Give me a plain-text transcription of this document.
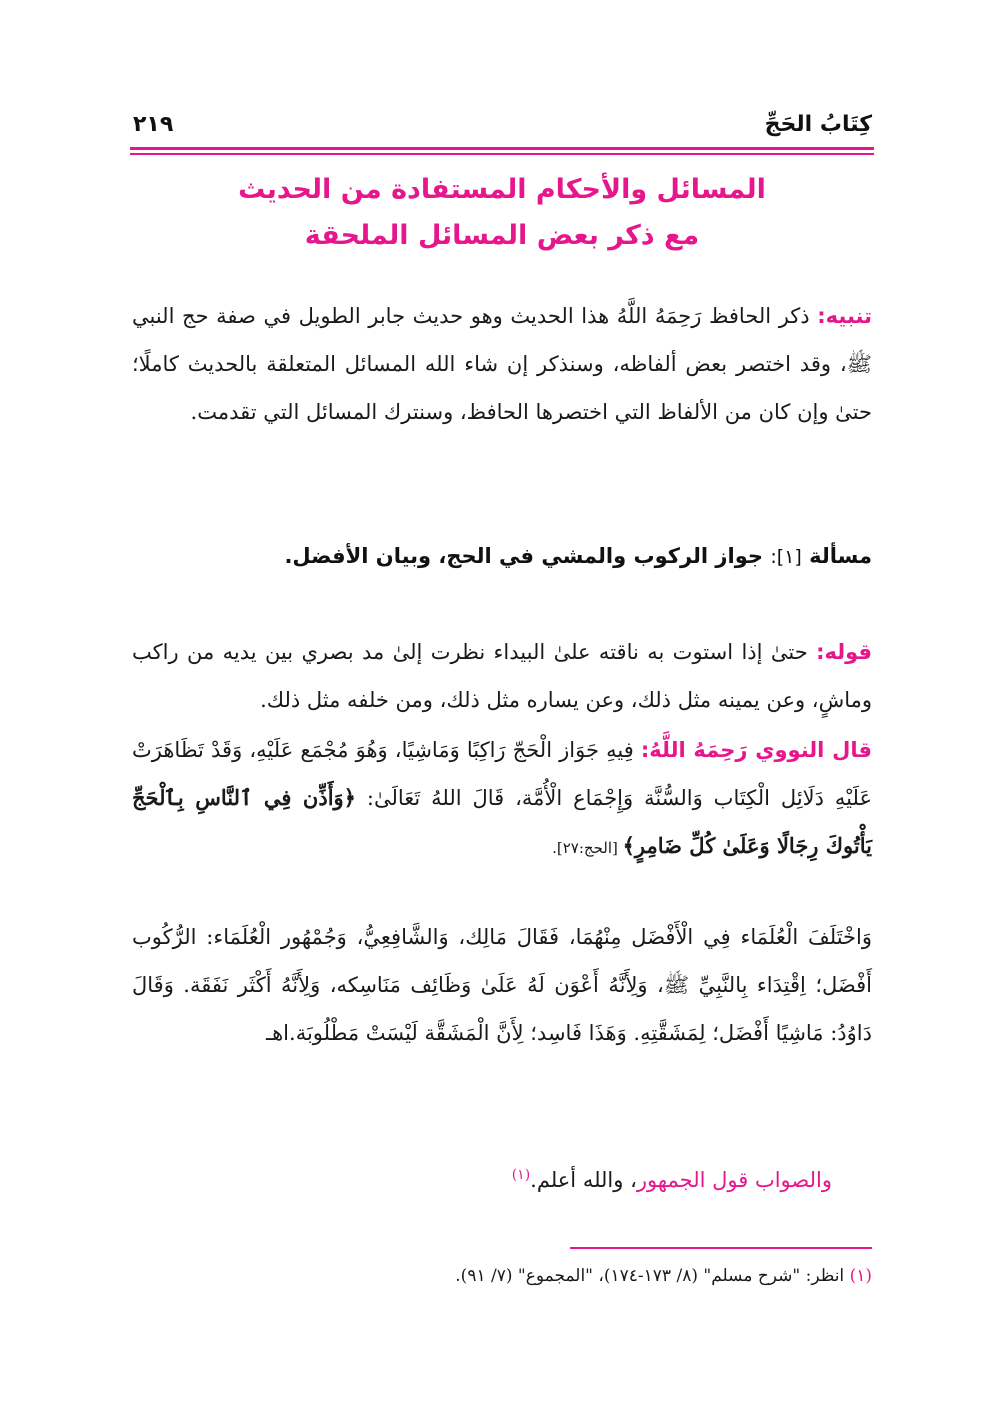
كِتَابُ الحَجِّ
٢١٩
المسائل والأحكام المستفادة من الحديث
مع ذكر بعض المسائل الملحقة
تنبيه: ذكر الحافظ رَحِمَهُ اللَّهُ هذا الحديث وهو حديث جابر الطويل في صفة حج النبي ﷺ، وقد اختصر بعض ألفاظه، وسنذكر إن شاء الله المسائل المتعلقة بالحديث كاملًا؛ حتىٰ وإن كان من الألفاظ التي اختصرها الحافظ، وسنترك المسائل التي تقدمت.
مسألة [١]: جواز الركوب والمشي في الحج، وبيان الأفضل.
قوله: حتىٰ إذا استوت به ناقته علىٰ البيداء نظرت إلىٰ مد بصري بين يديه من راكب وماشٍ، وعن يمينه مثل ذلك، وعن يساره مثل ذلك، ومن خلفه مثل ذلك.
قال النووي رَحِمَهُ اللَّهُ: فِيهِ جَوَاز الْحَجّ رَاكِبًا وَمَاشِيًا، وَهُوَ مُجْمَع عَلَيْهِ، وَقَدْ تَظَاهَرَتْ عَلَيْهِ دَلَائِل الْكِتَاب وَالسُّنَّة وَإِجْمَاع الْأُمَّة، قَالَ اللهُ تَعَالَىٰ: ﴿وَأَذِّن فِي ٱلنَّاسِ بِٱلْحَجِّ يَأْتُوكَ رِجَالًا وَعَلَىٰ كُلِّ ضَامِرٍ﴾ [الحج:٢٧].
وَاخْتَلَفَ الْعُلَمَاء فِي الْأَفْضَل مِنْهُمَا، فَقَالَ مَالِك، وَالشَّافِعِيُّ، وَجُمْهُور الْعُلَمَاء: الرُّكُوب أَفْضَل؛ اِقْتِدَاء بِالنَّبِيِّ ﷺ، وَلِأَنَّهُ أَعْوَن لَهُ عَلَىٰ وَظَائِف مَنَاسِكه، وَلِأَنَّهُ أَكْثَر نَفَقَة. وَقَالَ دَاوُدُ: مَاشِيًا أَفْضَل؛ لِمَشَقَّتِهِ. وَهَذَا فَاسِد؛ لِأَنَّ الْمَشَقَّة لَيْسَتْ مَطْلُوبَة.اهـ
والصواب قول الجمهور، والله أعلم.$^{(١)}$
(١) انظر: "شرح مسلم" (٨/ ١٧٣-١٧٤)، "المجموع" (٧/ ٩١).
